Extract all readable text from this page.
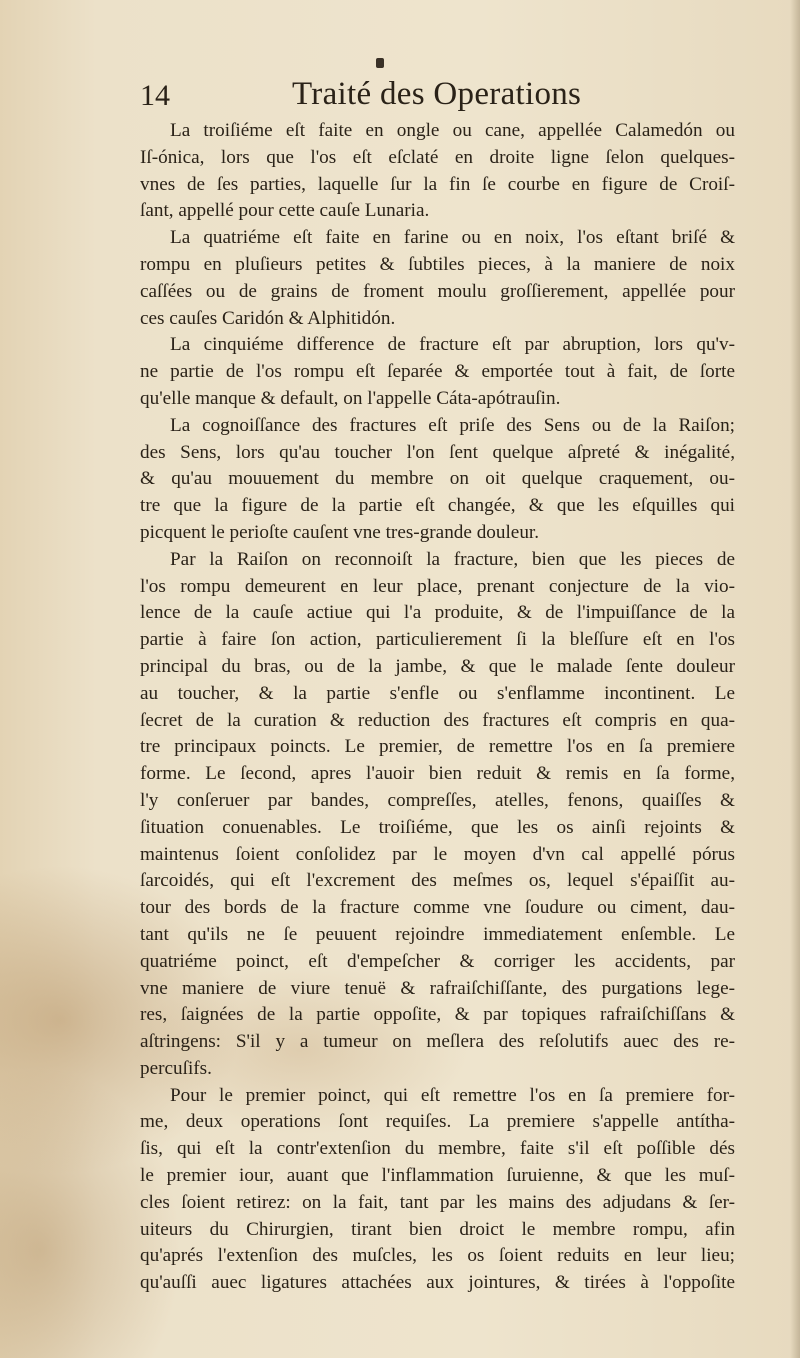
14	Traité des Operations
La troiſiéme eſt faite en ongle ou cane, appellée Calamedón ou
Iſ-ónica, lors que l'os eſt eſclaté en droite ligne ſelon quelques-
vnes de ſes parties, laquelle ſur la fin ſe courbe en figure de Croiſ-
ſant, appellé pour cette cauſe Lunaria.
La quatriéme eſt faite en farine ou en noix, l'os eſtant briſé &
rompu en pluſieurs petites & ſubtiles pieces, à la maniere de noix
caſſées ou de grains de froment moulu groſſierement, appellée pour
ces cauſes Caridón & Alphitidón.
La cinquiéme difference de fracture eſt par abruption, lors qu'v-
ne partie de l'os rompu eſt ſeparée & emportée tout à fait, de ſorte
qu'elle manque & default, on l'appelle Cáta-apótrauſin.
La cognoiſſance des fractures eſt priſe des Sens ou de la Raiſon;
des Sens, lors qu'au toucher l'on ſent quelque aſpreté & inégalité,
& qu'au mouuement du membre on oit quelque craquement, ou-
tre que la figure de la partie eſt changée, & que les eſquilles qui
picquent le perioſte cauſent vne tres-grande douleur.
Par la Raiſon on reconnoiſt la fracture, bien que les pieces de
l'os rompu demeurent en leur place, prenant conjecture de la vio-
lence de la cauſe actiue qui l'a produite, & de l'impuiſſance de la
partie à faire ſon action, particulierement ſi la bleſſure eſt en l'os
principal du bras, ou de la jambe, & que le malade ſente douleur
au toucher, & la partie s'enfle ou s'enflamme incontinent. Le
ſecret de la curation & reduction des fractures eſt compris en qua-
tre principaux poincts. Le premier, de remettre l'os en ſa premiere
forme. Le ſecond, apres l'auoir bien reduit & remis en ſa forme,
l'y conſeruer par bandes, compreſſes, atelles, fenons, quaiſſes &
ſituation conuenables. Le troiſiéme, que les os ainſi rejoints &
maintenus ſoient conſolidez par le moyen d'vn cal appellé pórus
ſarcoidés, qui eſt l'excrement des meſmes os, lequel s'épaiſſit au-
tour des bords de la fracture comme vne ſoudure ou ciment, dau-
tant qu'ils ne ſe peuuent rejoindre immediatement enſemble. Le
quatriéme poinct, eſt d'empeſcher & corriger les accidents, par
vne maniere de viure tenuë & rafraiſchiſſante, des purgations lege-
res, ſaignées de la partie oppoſite, & par topiques rafraiſchiſſans &
aſtringens: S'il y a tumeur on meſlera des reſolutifs auec des re-
percuſifs.
Pour le premier poinct, qui eſt remettre l'os en ſa premiere for-
me, deux operations ſont requiſes. La premiere s'appelle antítha-
ſis, qui eſt la contr'extenſion du membre, faite s'il eſt poſſible dés
le premier iour, auant que l'inflammation ſuruienne, & que les muſ-
cles ſoient retirez: on la fait, tant par les mains des adjudans & ſer-
uiteurs du Chirurgien, tirant bien droict le membre rompu, afin
qu'aprés l'extenſion des muſcles, les os ſoient reduits en leur lieu;
qu'auſſi auec ligatures attachées aux jointures, & tirées à l'oppoſite
